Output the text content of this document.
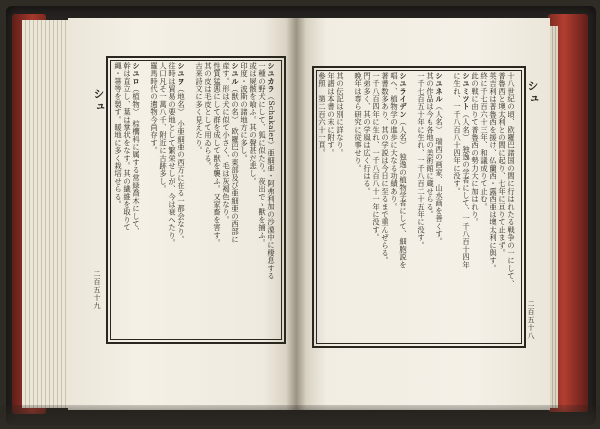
シュ	シュ
二百五十九
二百五十八
シユカラ（Schakaler）亜細亜・阿弗利加の沙漠中に棲息する
一種の野犬にして、狐に似たり。夜出でゝ獸を捕ふ。
或は屍骸を喰ふ。其の聲甚だ悲し。
印度・波斯の諸地方に多し。
シユル（獣の名）　欧羅巴の東部及び亜細亜の西部に
産す。形は犬に似て小さく、毛は灰褐色なり。
性質猛悪にして群を成して獣を襲ふ。又家畜を害す。
其の皮は毛皮として用ゐらる。
古来詩文に多く見えたり。
シユヲ（地名）　小亜細亜の西方に在る一都会なり。
往時は貿易の要地として繁栄せしが、今は衰へたり。
人口凡そ一萬八千、附近に古跡多し。
羅馬時代の遺物今尚存す。
シユロ（植物）　棕櫚科に属する常緑喬木にして、
幹は直立し、葉は掌状をなす。其の繊維を取りて
縄・箒等を製す。暖地に多く栽培せらる。	十八世紀の頃、欧羅巴諸国の間に行はれたる戦争の一にして、
普魯西と墺太利との間に起り、七年に亘りて止まず。
英吉利は普魯西を援け、仏蘭西・露西亜は墺太利に與す。
終に千七百六十三年、和議成りて止む。
此の戦に由りて普魯西の勢力大に加はれり。
シユミツト（人名）　独逸の学者にして、一千八百十四年
に生れ、一千八百八十四年に没す。
シユネル（人名）　瑞西の画家、山水画を善くす。
其の作品は今も各地の美術館に蔵せらる。
一千七百五十年に生れ、一千八百二十五年に没す。
シユライデン（人名）　独逸の植物学者にして、細胞説を
唱へ、植物学の進歩に大なる功績あり。
著書数多あり、其の学説は今日に至るまで重んぜらる。
一千八百四年に生れ、一千八百八十一年に没す。
門弟多く、其の学風は広く行はる。
晩年は専ら研究に従事せり。
其の伝記は別に詳なり。
年譜は本書の末に附す。
參照　第二百六十一頁。
